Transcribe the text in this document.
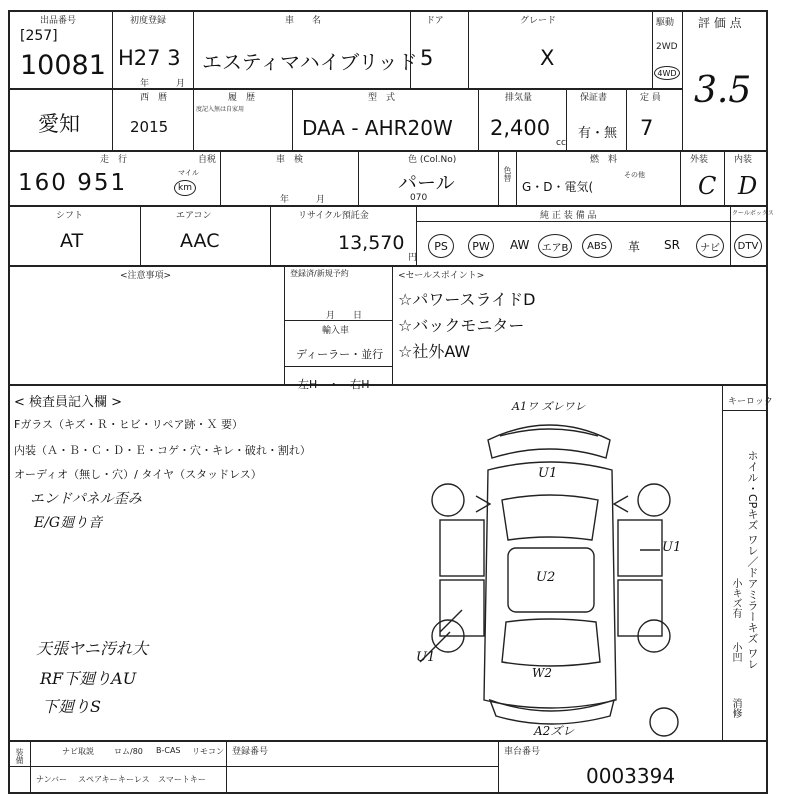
出品番号
[257]
10081
初度登録
H27 3
年　　　月
車　　名
エスティマハイブリッド
ドア
5
グレード
X
駆動
2WD
4WD
評 価 点
3.5
愛知
西　暦
2015
履　歴
度記入無は自家用
型　式
DAA - AHR20W
排気量
2,400
cc
保証書
有・無
定 員
7
走　行
160 951	マイル
km
自税	車　検
年　　　月
色 (Col.No)
パール
070
色替
燃　料
G・D・電気(
その他
外装
C
内装
D
シフト
AT
エアコン
AAC
リサイクル預託金
13,570
円
純 正 装 備 品	クールボックス
PS PW AW エアB ABS 革 SR ナビ DTV
<注意事項>	登録済/新規予約
月　　日
輸入車
ディーラー・並行
左H　・　右H
<セールスポイント>
☆パワースライドD
☆バックモニター
☆社外AW
< 検査員記入欄 >
Fガラス（キズ・Ｒ・ヒビ・リペア跡・Ｘ 要）
内装（Ａ・Ｂ・Ｃ・Ｄ・Ｅ・コゲ・穴・キレ・破れ・割れ）
オーディオ（無し・穴）/ タイヤ（スタッドレス）
エンドパネル歪み
E/G廻り音
天張ヤニ汚れ大
RF下廻りAU
下廻りS
キーロック
ホイル・CPキズ ワレ／ドアミラーキズ ワレ
小キズ有
小凹
消修
A1ワ ズレワレ
U1
U1
U2
U1
W2
A2ズレ
装備	ナビ取説	ロム/80 B-CAS リモコン
ナンバー スペアキー キーレス スマートキー
登録番号	車台番号
0003394
